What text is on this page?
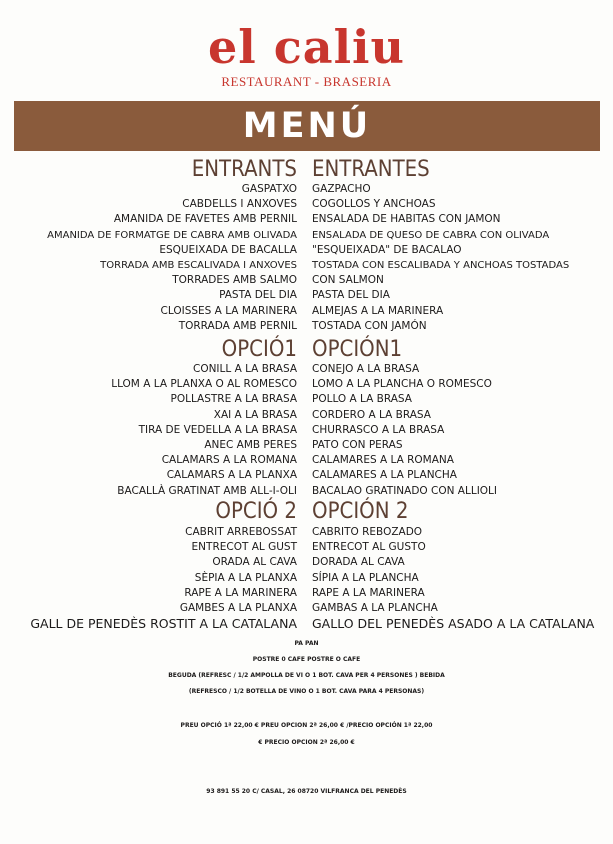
el caliu
RESTAURANT - BRASERIA
MENÚ
ENTRANTS ENTRANTES
GASPATXO GAZPACHO
CABDELLS I ANXOVES COGOLLOS Y ANCHOAS
AMANIDA DE FAVETES AMB PERNIL ENSALADA DE HABITAS CON JAMON
AMANIDA DE FORMATGE DE CABRA AMB OLIVADA ENSALADA DE QUESO DE CABRA CON OLIVADA
ESQUEIXADA DE BACALLA "ESQUEIXADA" DE BACALAO
TORRADA AMB ESCALIVADA I ANXOVES TOSTADA CON ESCALIBADA Y ANCHOAS TOSTADAS
TORRADES AMB SALMO CON SALMON
PASTA DEL DIA PASTA DEL DIA
CLOISSES A LA MARINERA ALMEJAS A LA MARINERA
TORRADA AMB PERNIL TOSTADA CON JAMÓN
OPCIÓ1 OPCIÓN1
CONILL A LA BRASA CONEJO A LA BRASA
LLOM A LA PLANXA O AL ROMESCO LOMO A LA PLANCHA O ROMESCO
POLLASTRE A LA BRASA POLLO A LA BRASA
XAI A LA BRASA CORDERO A LA BRASA
TIRA DE VEDELLA A LA BRASA CHURRASCO A LA BRASA
ANEC AMB PERES PATO CON PERAS
CALAMARS A LA ROMANA CALAMARES A LA ROMANA
CALAMARS A LA PLANXA CALAMARES A LA PLANCHA
BACALLÀ GRATINAT AMB ALL-I-OLI BACALAO GRATINADO CON ALLIOLI
OPCIÓ 2 OPCIÓN 2
CABRIT ARREBOSSAT CABRITO REBOZADO
ENTRECOT AL GUST ENTRECOT AL GUSTO
ORADA AL CAVA DORADA AL CAVA
SÈPIA A LA PLANXA SÍPIA A LA PLANCHA
RAPE A LA MARINERA RAPE A LA MARINERA
GAMBES A LA PLANXA GAMBAS A LA PLANCHA
GALL DE PENEDÈS ROSTIT A LA CATALANA GALLO DEL PENEDÈS ASADO A LA CATALANA
PA PAN
POSTRE 0 CAFE POSTRE O CAFE
BEGUDA (REFRESC / 1/2 AMPOLLA DE VI O 1 BOT. CAVA PER 4 PERSONES ) BEBIDA
(REFRESCO / 1/2 BOTELLA DE VINO O 1 BOT. CAVA PARA 4 PERSONAS)
PREU OPCIÓ 1ª 22,00 € PREU OPCION 2ª 26,00 € /PRECIO OPCIÓN 1ª 22,00
€ PRECIO OPCION 2ª 26,00 €
93 891 55 20 C/ CASAL, 26 08720 VILFRANCA DEL PENEDÈS
